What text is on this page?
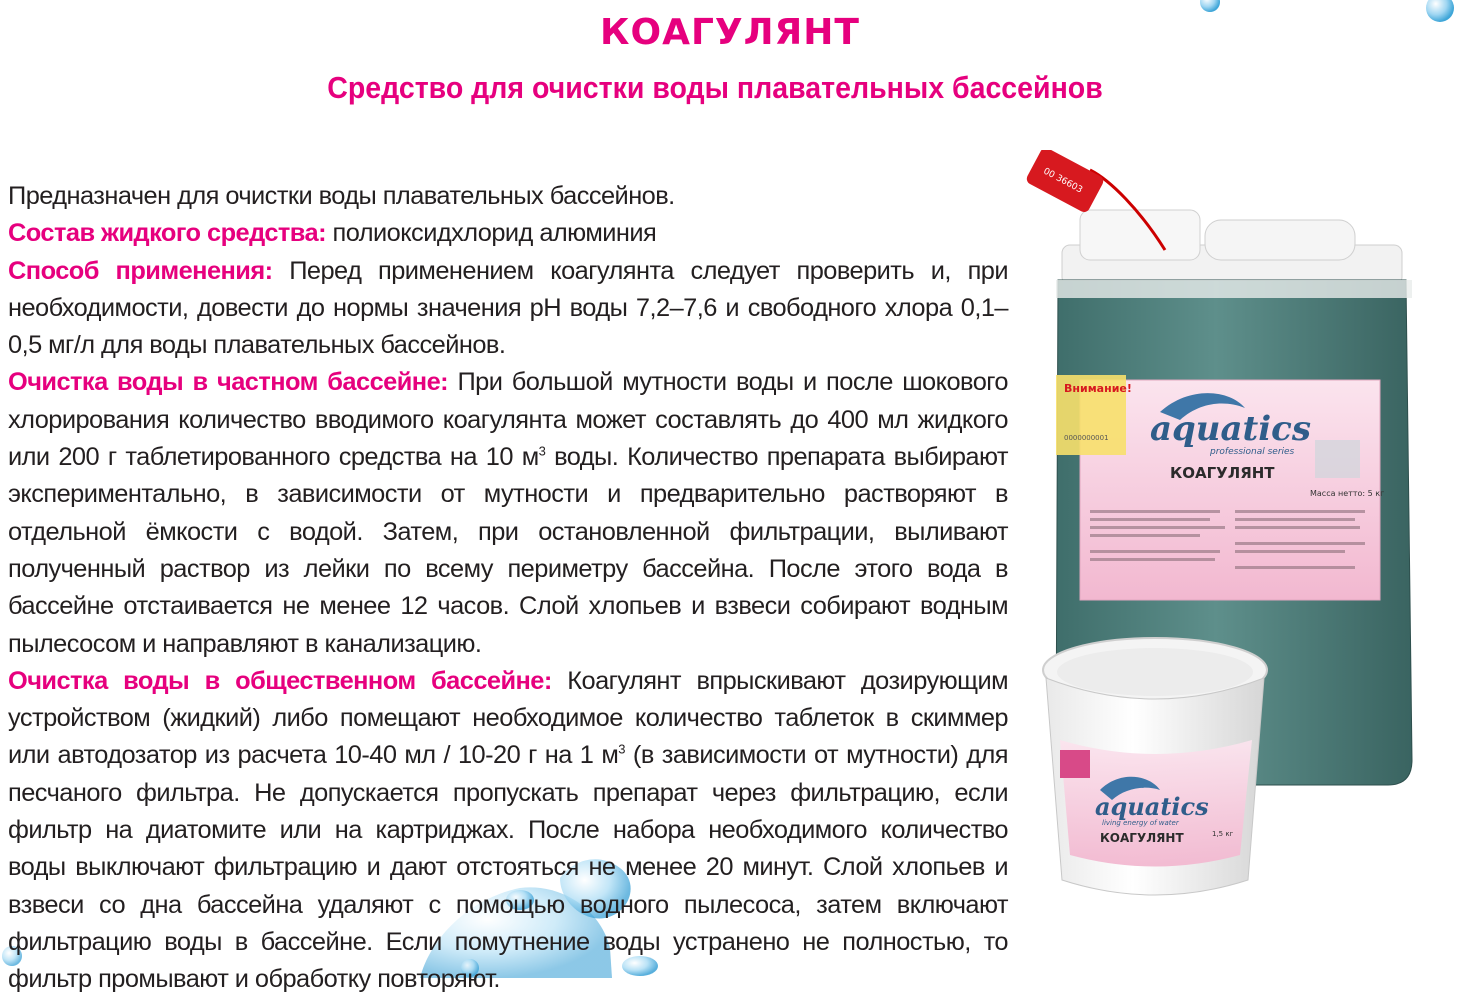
КОАГУЛЯНТ
Средство для очистки воды плавательных бассейнов

Предназначен для очистки воды плавательных бассейнов.

Состав жидкого средства: полиоксидхлорид алюминия

Способ применения: Перед применением коагулянта следует проверить и, при необходимости, довести до нормы значения рН воды 7,2–7,6 и свободного хлора 0,1–0,5 мг/л для воды плавательных бассейнов.

Очистка воды в частном бассейне: При большой мутности воды и после шокового хлорирования количество вводимого коагулянта может составлять до 400 мл жидкого или 200 г таблетированного средства на 10 $м^3$ воды. Количество препарата выбирают экспериментально, в зависимости от мутности и предварительно растворяют в отдельной ёмкости с водой. Затем, при остановленной фильтрации, выливают полученный раствор из лейки по всему периметру бассейна. После этого вода в бассейне отстаивается не менее 12 часов. Слой хлопьев и взвеси собирают водным пылесосом и направляют в канализацию.

Очистка воды в общественном бассейне: Коагулянт впрыскивают дозирующим устройством (жидкий) либо помещают необходимое количество таблеток в скиммер или автодозатор из расчета 10-40 мл / 10-20 г на 1 $м^3$ (в зависимости от мутности) для песчаного фильтра. Не допускается пропускать препарат через фильтрацию, если фильтр на диатомите или на картриджах. После набора необходимого количество воды выключают фильтрацию и дают отстояться не менее 20 минут. Слой хлопьев и взвеси со дна бассейна удаляют с помощью водного пылесоса, затем включают фильтрацию воды в бассейне. Если помутнение воды устранено не полностью, то фильтр промывают и обработку повторяют.

00 36603
Внимание!
0000000001 aquatics
professional series
КОАГУЛЯНТ
Масса нетто: 5 кг
aquatics
living energy of water
КОАГУЛЯНТ	1,5 кг
